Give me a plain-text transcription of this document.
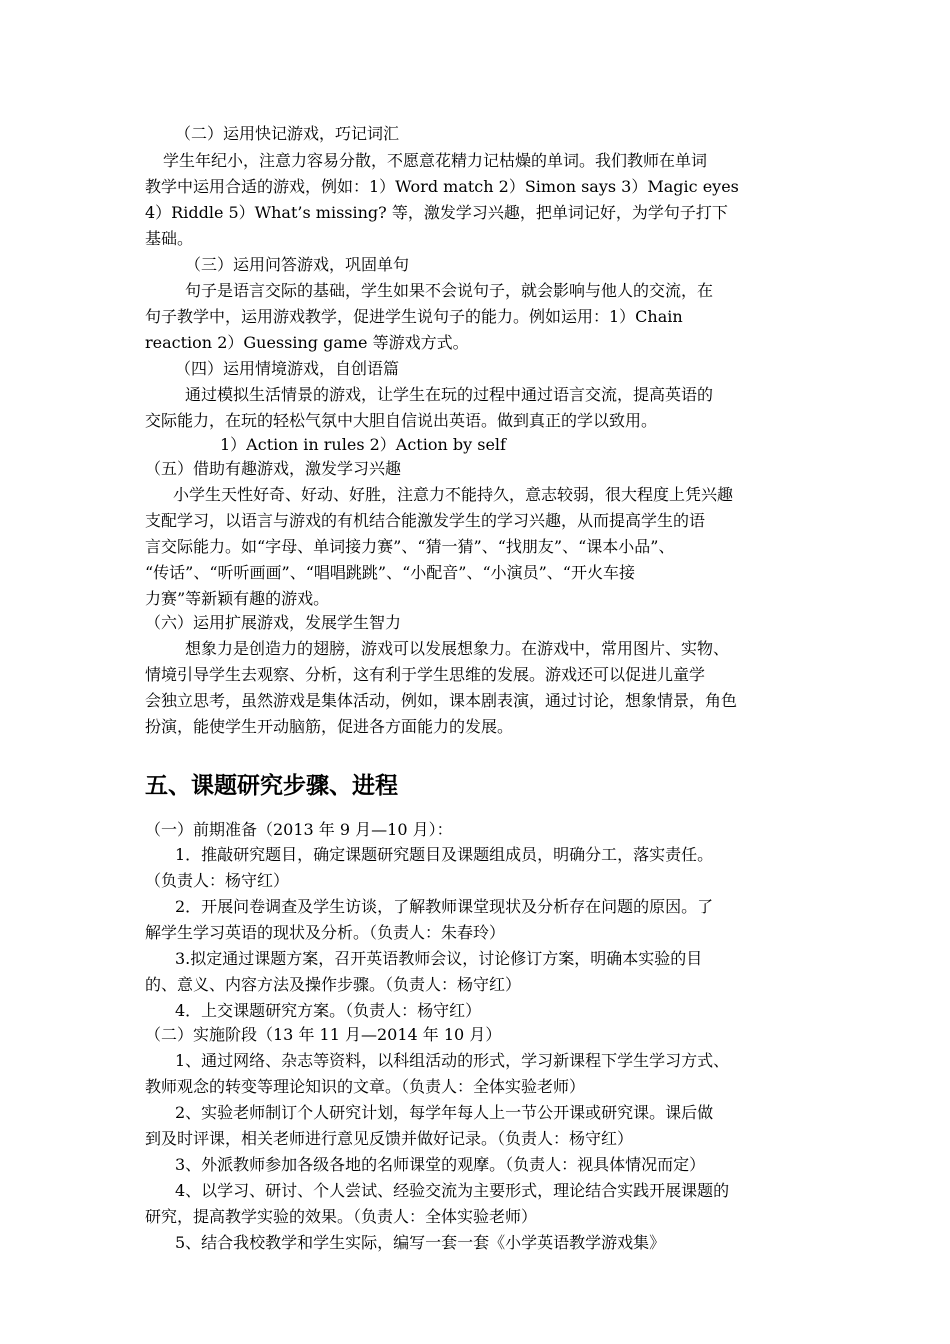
（二）运用快记游戏，巧记词汇
学生年纪小，注意力容易分散，不愿意花精力记枯燥的单词。我们教师在单词
教学中运用合适的游戏，例如：1）Word match 2）Simon says 3）Magic eyes
4）Riddle 5）What’s missing? 等，激发学习兴趣，把单词记好，为学句子打下
基础。
（三）运用问答游戏，巩固单句
句子是语言交际的基础，学生如果不会说句子，就会影响与他人的交流，在
句子教学中，运用游戏教学，促进学生说句子的能力。例如运用：1）Chain
reaction 2）Guessing game 等游戏方式。
（四）运用情境游戏，自创语篇
通过模拟生活情景的游戏，让学生在玩的过程中通过语言交流，提高英语的
交际能力，在玩的轻松气氛中大胆自信说出英语。做到真正的学以致用。
1）Action in rules 2）Action by self
（五）借助有趣游戏，激发学习兴趣
小学生天性好奇、好动、好胜，注意力不能持久，意志较弱，很大程度上凭兴趣
支配学习，以语言与游戏的有机结合能激发学生的学习兴趣，从而提高学生的语
言交际能力。如“字母、单词接力赛”、“猜一猜”、“找朋友”、“课本小品”、
“传话”、“听听画画”、“唱唱跳跳”、“小配音”、“小演员”、“开火车接
力赛”等新颖有趣的游戏。
（六）运用扩展游戏，发展学生智力
想象力是创造力的翅膀，游戏可以发展想象力。在游戏中，常用图片、实物、
情境引导学生去观察、分析，这有利于学生思维的发展。游戏还可以促进儿童学
会独立思考，虽然游戏是集体活动，例如，课本剧表演，通过讨论，想象情景，角色
扮演，能使学生开动脑筋，促进各方面能力的发展。
五、课题研究步骤、进程
（一）前期准备（2013 年 9 月—10 月）：
1．推敲研究题目，确定课题研究题目及课题组成员，明确分工，落实责任。
（负责人：杨守红）
2．开展问卷调查及学生访谈，了解教师课堂现状及分析存在问题的原因。了
解学生学习英语的现状及分析。（负责人：朱春玲）
3.拟定通过课题方案，召开英语教师会议，讨论修订方案，明确本实验的目
的、意义、内容方法及操作步骤。（负责人：杨守红）
4．上交课题研究方案。（负责人：杨守红）
（二）实施阶段（13 年 11 月—2014 年 10 月）
1、通过网络、杂志等资料，以科组活动的形式，学习新课程下学生学习方式、
教师观念的转变等理论知识的文章。（负责人：全体实验老师）
2、实验老师制订个人研究计划，每学年每人上一节公开课或研究课。课后做
到及时评课，相关老师进行意见反馈并做好记录。（负责人：杨守红）
3、外派教师参加各级各地的名师课堂的观摩。（负责人：视具体情况而定）
4、以学习、研讨、个人尝试、经验交流为主要形式，理论结合实践开展课题的
研究，提高教学实验的效果。（负责人：全体实验老师）
5、结合我校教学和学生实际，编写一套一套《小学英语教学游戏集》
